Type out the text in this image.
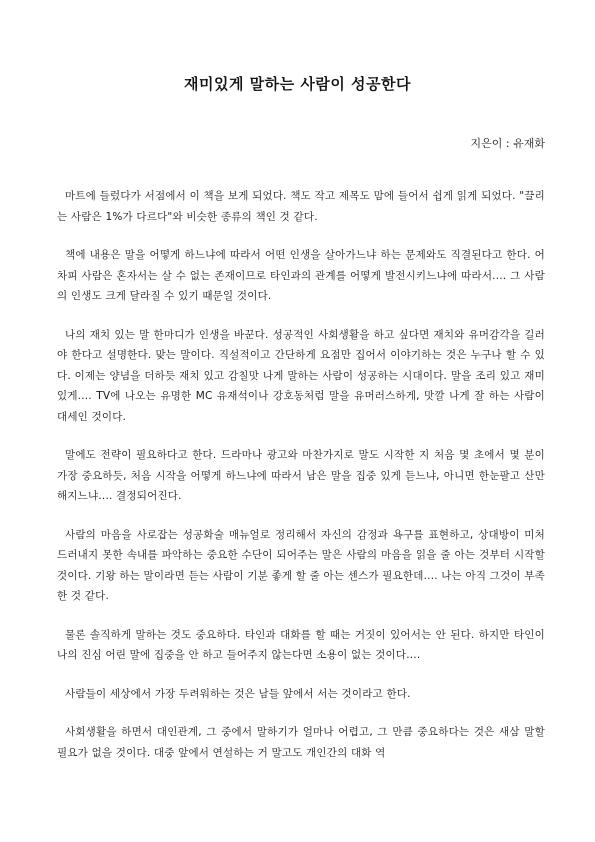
재미있게 말하는 사람이 성공한다
지은이 : 유재화

마트에 들렀다가 서점에서 이 책을 보게 되었다. 책도 작고 제목도 맘에 들어서 쉽게 읽게 되었다. "끌리는 사람은 1%가 다르다"와 비슷한 종류의 책인 것 같다.

책에 내용은 말을 어떻게 하느냐에 따라서 어떤 인생을 살아가느냐 하는 문제와도 직결된다고 한다. 어차피 사람은 혼자서는 살 수 없는 존재이므로 타인과의 관계를 어떻게 발전시키느냐에 따라서.... 그 사람의 인생도 크게 달라질 수 있기 때문일 것이다.

나의 재치 있는 말 한마디가 인생을 바꾼다. 성공적인 사회생활을 하고 싶다면 재치와 유머감각을 길러야 한다고 설명한다. 맞는 말이다. 직설적이고 간단하게 요점만 집어서 이야기하는 것은 누구나 할 수 있다. 이제는 양념을 더하듯 재치 있고 감칠맛 나게 말하는 사람이 성공하는 시대이다. 말을 조리 있고 재미있게.... TV에 나오는 유명한 MC 유재석이나 강호동처럼 말을 유머러스하게, 맛깔 나게 잘 하는 사람이 대세인 것이다.

말에도 전략이 필요하다고 한다. 드라마나 광고와 마찬가지로 말도 시작한 지 처음 몇 초에서 몇 분이 가장 중요하듯, 처음 시작을 어떻게 하느냐에 따라서 남은 말을 집중 있게 듣느냐, 아니면 한눈팔고 산만해지느냐.... 결정되어진다.

사람의 마음을 사로잡는 성공화술 매뉴얼로 정리해서 자신의 감정과 욕구를 표현하고, 상대방이 미처 드러내지 못한 속내를 파악하는 중요한 수단이 되어주는 말은 사람의 마음을 읽을 줄 아는 것부터 시작할 것이다. 기왕 하는 말이라면 듣는 사람이 기분 좋게 할 줄 아는 센스가 필요한데.... 나는 아직 그것이 부족한 것 같다.

물론 솔직하게 말하는 것도 중요하다. 타인과 대화를 할 때는 거짓이 있어서는 안 된다. 하지만 타인이 나의 진심 어린 말에 집중을 안 하고 들어주지 않는다면 소용이 없는 것이다....

사람들이 세상에서 가장 두려워하는 것은 남들 앞에서 서는 것이라고 한다.

사회생활을 하면서 대인관계, 그 중에서 말하기가 얼마나 어렵고, 그 만큼 중요하다는 것은 새삼 말할 필요가 없을 것이다. 대중 앞에서 연설하는 거 말고도 개인간의 대화 역
